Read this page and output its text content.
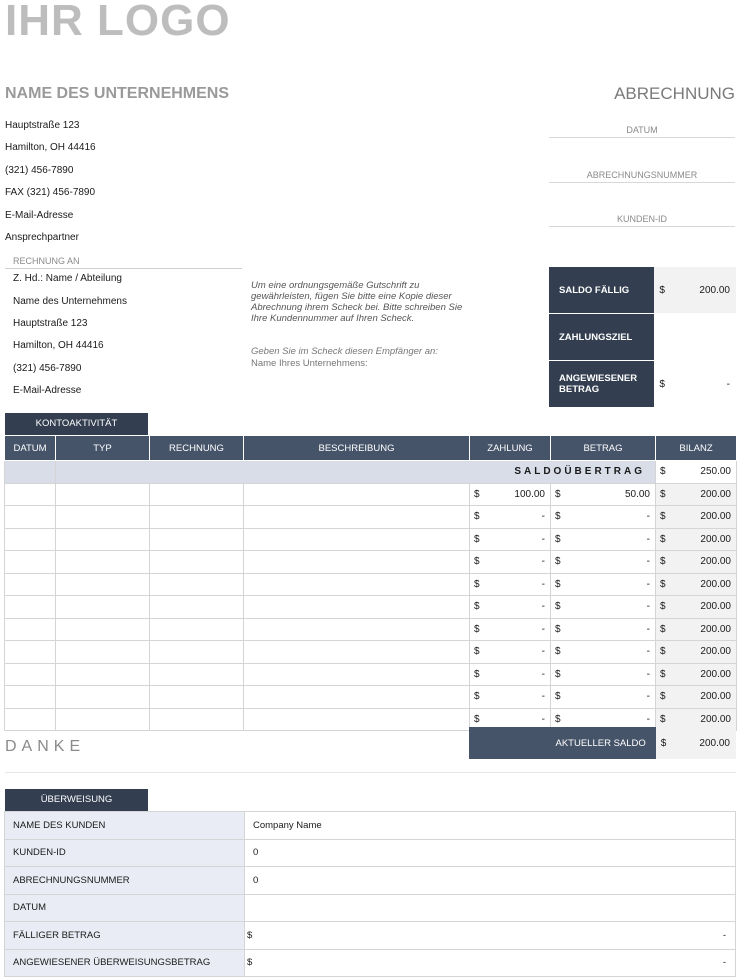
IHR LOGO
NAME DES UNTERNEHMENS	ABRECHNUNG
Hauptstraße 123
Hamilton, OH 44416
(321) 456-7890
FAX (321) 456-7890
E-Mail-Adresse
Ansprechpartner
DATUM
ABRECHNUNGSNUMMER
KUNDEN-ID
RECHNUNG AN
Z. Hd.: Name / Abteilung
Name des Unternehmens
Hauptstraße 123
Hamilton, OH 44416
(321) 456-7890
E-Mail-Adresse
Um eine ordnungsgemäße Gutschrift zu gewährleisten, fügen Sie bitte eine Kopie dieser Abrechnung ihrem Scheck bei. Bitte schreiben Sie Ihre Kundennummer auf Ihren Scheck.
Geben Sie im Scheck diesen Empfänger an:
Name Ihres Unternehmens:
SALDO FÄLLIG	$ 200.00

ZAHLUNGSZIEL	
ANGEWIESENER BETRAG	$ -
KONTOAKTIVITÄT
DATUM	TYP	RECHNUNG	BESCHREIBUNG	ZAHLUNG	BETRAG	BILANZ
	SALDOÜBERTRAG					$ 250.00

				$ 100.00	$ 50.00	$ 200.00

				$ -	$ -	$ 200.00

				$ -	$ -	$ 200.00

				$ -	$ -	$ 200.00

				$ -	$ -	$ 200.00

				$ -	$ -	$ 200.00

				$ -	$ -	$ 200.00

				$ -	$ -	$ 200.00

				$ -	$ -	$ 200.00

				$ -	$ -	$ 200.00

				$ -	$ -	$ 200.00
DANKE	AKTUELLER SALDO	$	200.00
ÜBERWEISUNG
NAME DES KUNDEN	Company Name
KUNDEN-ID	0
ABRECHNUNGSNUMMER	0
DATUM	
FÄLLIGER BETRAG	$ -

ANGEWIESENER ÜBERWEISUNGSBETRAG	$ -
